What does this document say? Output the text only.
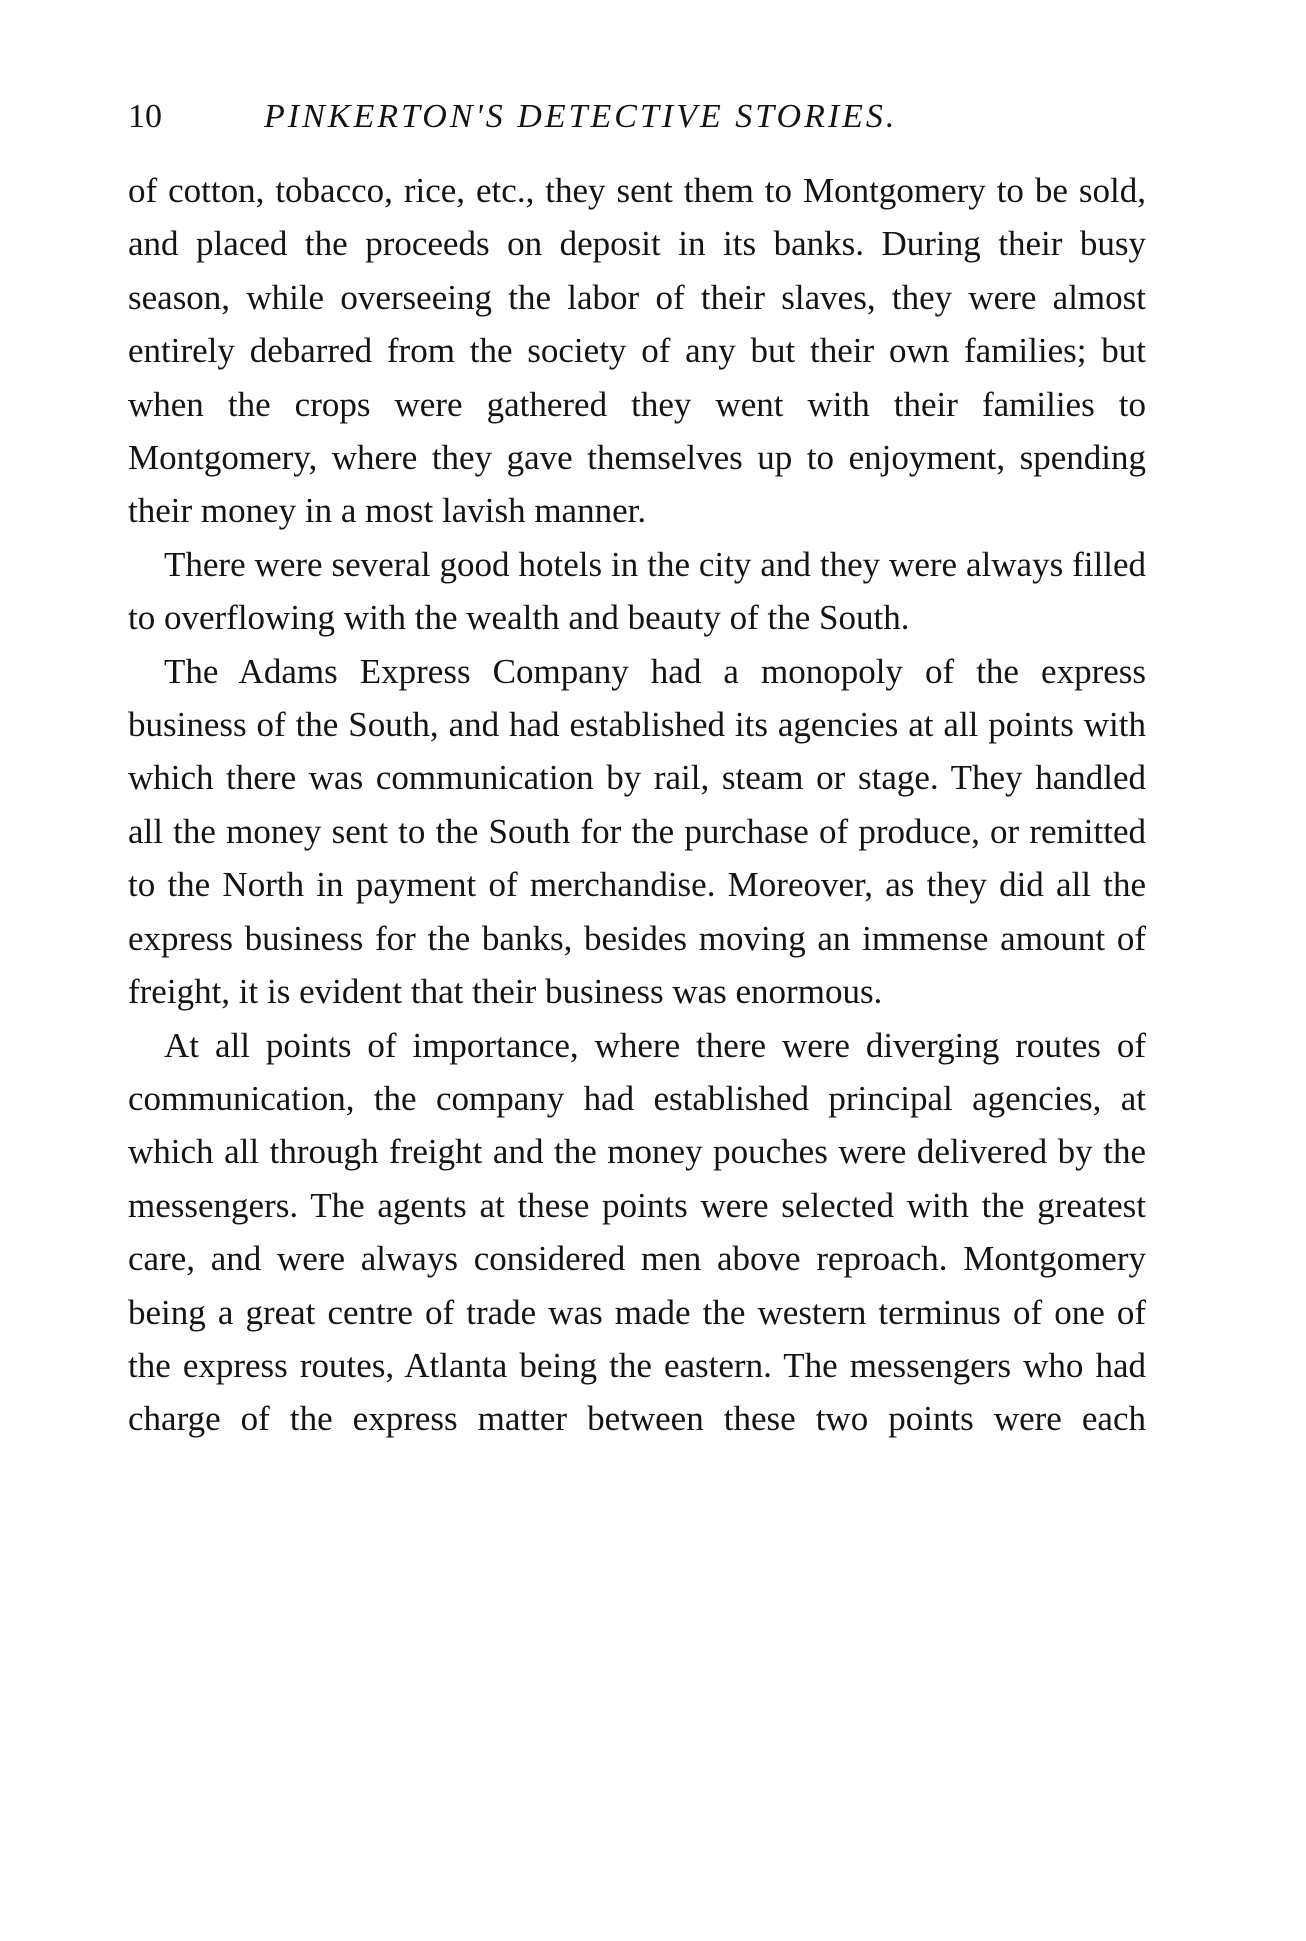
10	PINKERTON'S DETECTIVE STORIES.

of cotton, tobacco, rice, etc., they sent them to Montgomery to be sold, and placed the proceeds on deposit in its banks. During their busy season, while overseeing the labor of their slaves, they were almost entirely debarred from the society of any but their own families; but when the crops were gathered they went with their families to Montgomery, where they gave themselves up to enjoyment, spending their money in a most lavish manner.

There were several good hotels in the city and they were always filled to overflowing with the wealth and beauty of the South.

The Adams Express Company had a monopoly of the express business of the South, and had established its agencies at all points with which there was communication by rail, steam or stage. They handled all the money sent to the South for the purchase of produce, or remitted to the North in payment of merchandise. Moreover, as they did all the express business for the banks, besides moving an immense amount of freight, it is evident that their business was enormous.

At all points of importance, where there were diverging routes of communication, the company had established principal agencies, at which all through freight and the money pouches were delivered by the messengers. The agents at these points were selected with the greatest care, and were always considered men above reproach. Montgomery being a great centre of trade was made the western terminus of one of the express routes, Atlanta being the eastern. The messengers who had charge of the express matter between these two points were each
